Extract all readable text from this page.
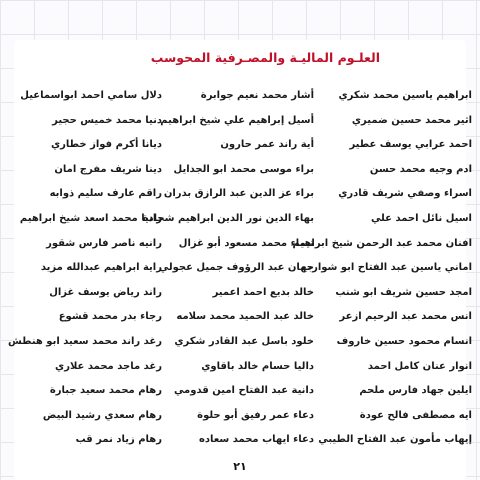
العلـوم الماليـة والمصـرفية المحوسب
ابراهيم ياسين محمد شكري
اثير محمد حسين ضميري
احمد عرابي يوسف عطير
ادم وجيه محمد حسن
اسراء وصفي شريف قادري
اسيل نائل احمد علي
افنان محمد عبد الرحمن شيخ ابراهيم
اماني ياسين عبد الفتاح ابو شوارب
امجد حسين شريف ابو شنب
انس محمد عبد الرحيم ازعر
انسام محمود حسين خاروف
انوار عنان كامل احمد
ايلين جهاد فارس ملحم
ايه مصطفى فالح عودة
إيهاب مأمون عبد الفتاح الطيبي
أشار محمد نعيم جوابرة
أسيل إبراهيم علي شيخ ابراهيم
أية راند عمر حارون
براء موسى محمد ابو الجدايل
براء عز الدين عبد الرازق بدران
بهاء الدين نور الدين ابراهيم شحادة
تيماء محمد مسعود أبو غزال
جهان عبد الرؤوف جميل عجولي
خالد بديع احمد اعمير
خالد عبد الحميد محمد سلامه
خلود باسل عبد القادر شكري
داليا حسام خالد باقاوي
دانية عبد الفتاح امين قدومي
دعاء عمر رفيق أبو حلوة
دعاء ايهاب محمد سعاده
دلال سامي احمد ابواسماعيل
دنيا محمد خميس حجير
ديانا أكرم فواز خطاري
دينا شريف مفرج امان
راقم عارف سليم ذوابه
رانيا محمد اسعد شيخ ابراهيم
رانيه ناصر فارس شقور
راية ابراهيم عبدالله مزيد
راند رياض يوسف غزال
رجاء بدر محمد قشوع
رغد راند محمد سعيد ابو هنطش
رغد ماجد محمد علاري
رهام محمد سعيد جبارة
رهام سعدي رشيد البيض
رهام زياد نمر قب
٢١
